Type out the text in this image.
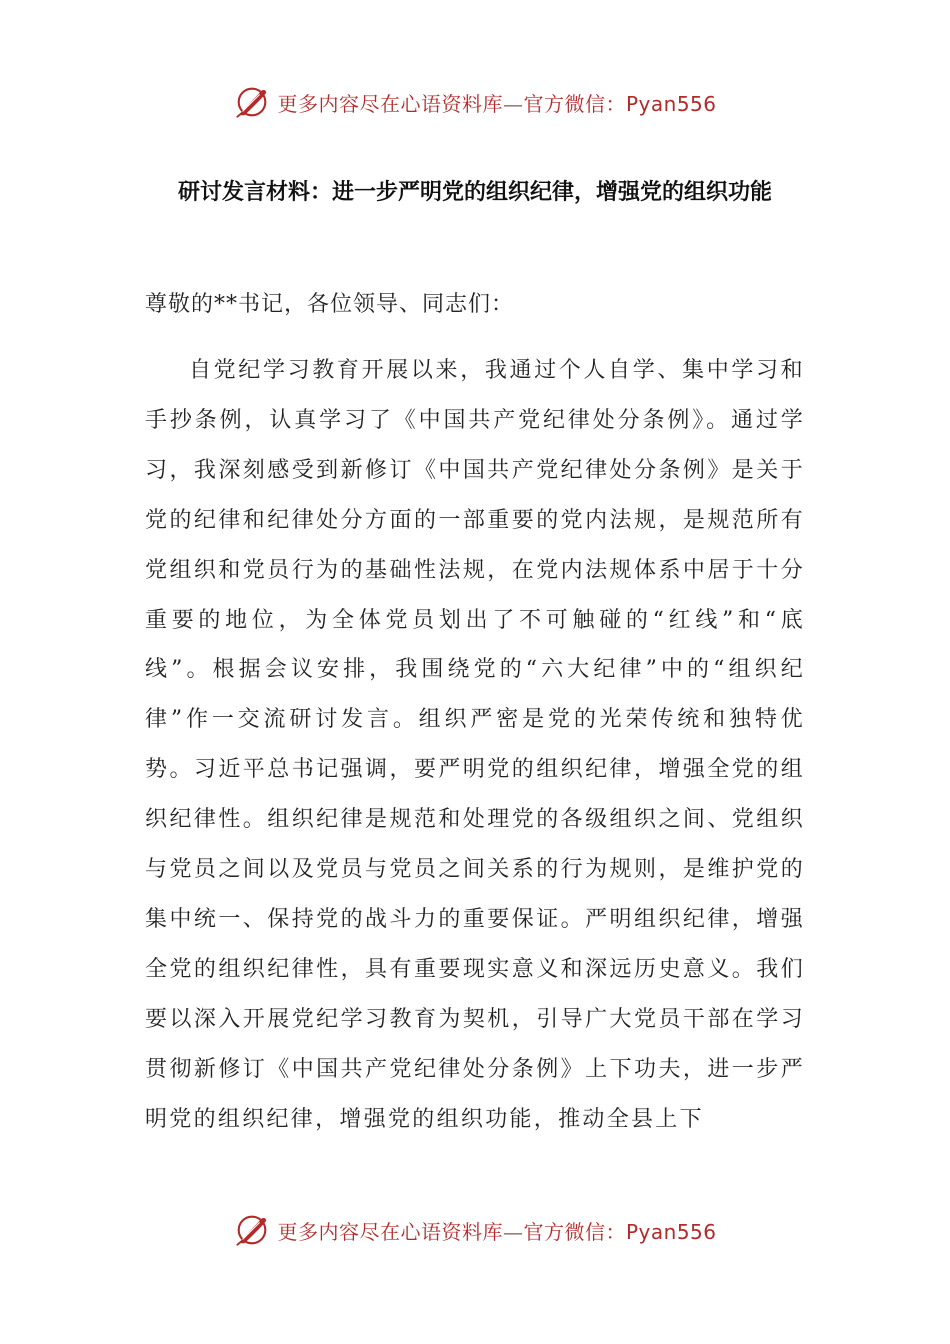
更多内容尽在心语资料库—官方微信：Pyan556
研讨发言材料：进一步严明党的组织纪律，增强党的组织功能
尊敬的**书记，各位领导、同志们：

自党纪学习教育开展以来，我通过个人自学、集中学习和手抄条例，认真学习了《中国共产党纪律处分条例》。通过学习，我深刻感受到新修订《中国共产党纪律处分条例》是关于党的纪律和纪律处分方面的一部重要的党内法规，是规范所有党组织和党员行为的基础性法规，在党内法规体系中居于十分重要的地位，为全体党员划出了不可触碰的“红线”和“底线”。根据会议安排，我围绕党的“六大纪律”中的“组织纪律”作一交流研讨发言。组织严密是党的光荣传统和独特优势。习近平总书记强调，要严明党的组织纪律，增强全党的组织纪律性。组织纪律是规范和处理党的各级组织之间、党组织与党员之间以及党员与党员之间关系的行为规则，是维护党的集中统一、保持党的战斗力的重要保证。严明组织纪律，增强全党的组织纪律性，具有重要现实意义和深远历史意义。我们要以深入开展党纪学习教育为契机，引导广大党员干部在学习贯彻新修订《中国共产党纪律处分条例》上下功夫，进一步严明党的组织纪律，增强党的组织功能，推动全县上下

更多内容尽在心语资料库—官方微信：Pyan556
